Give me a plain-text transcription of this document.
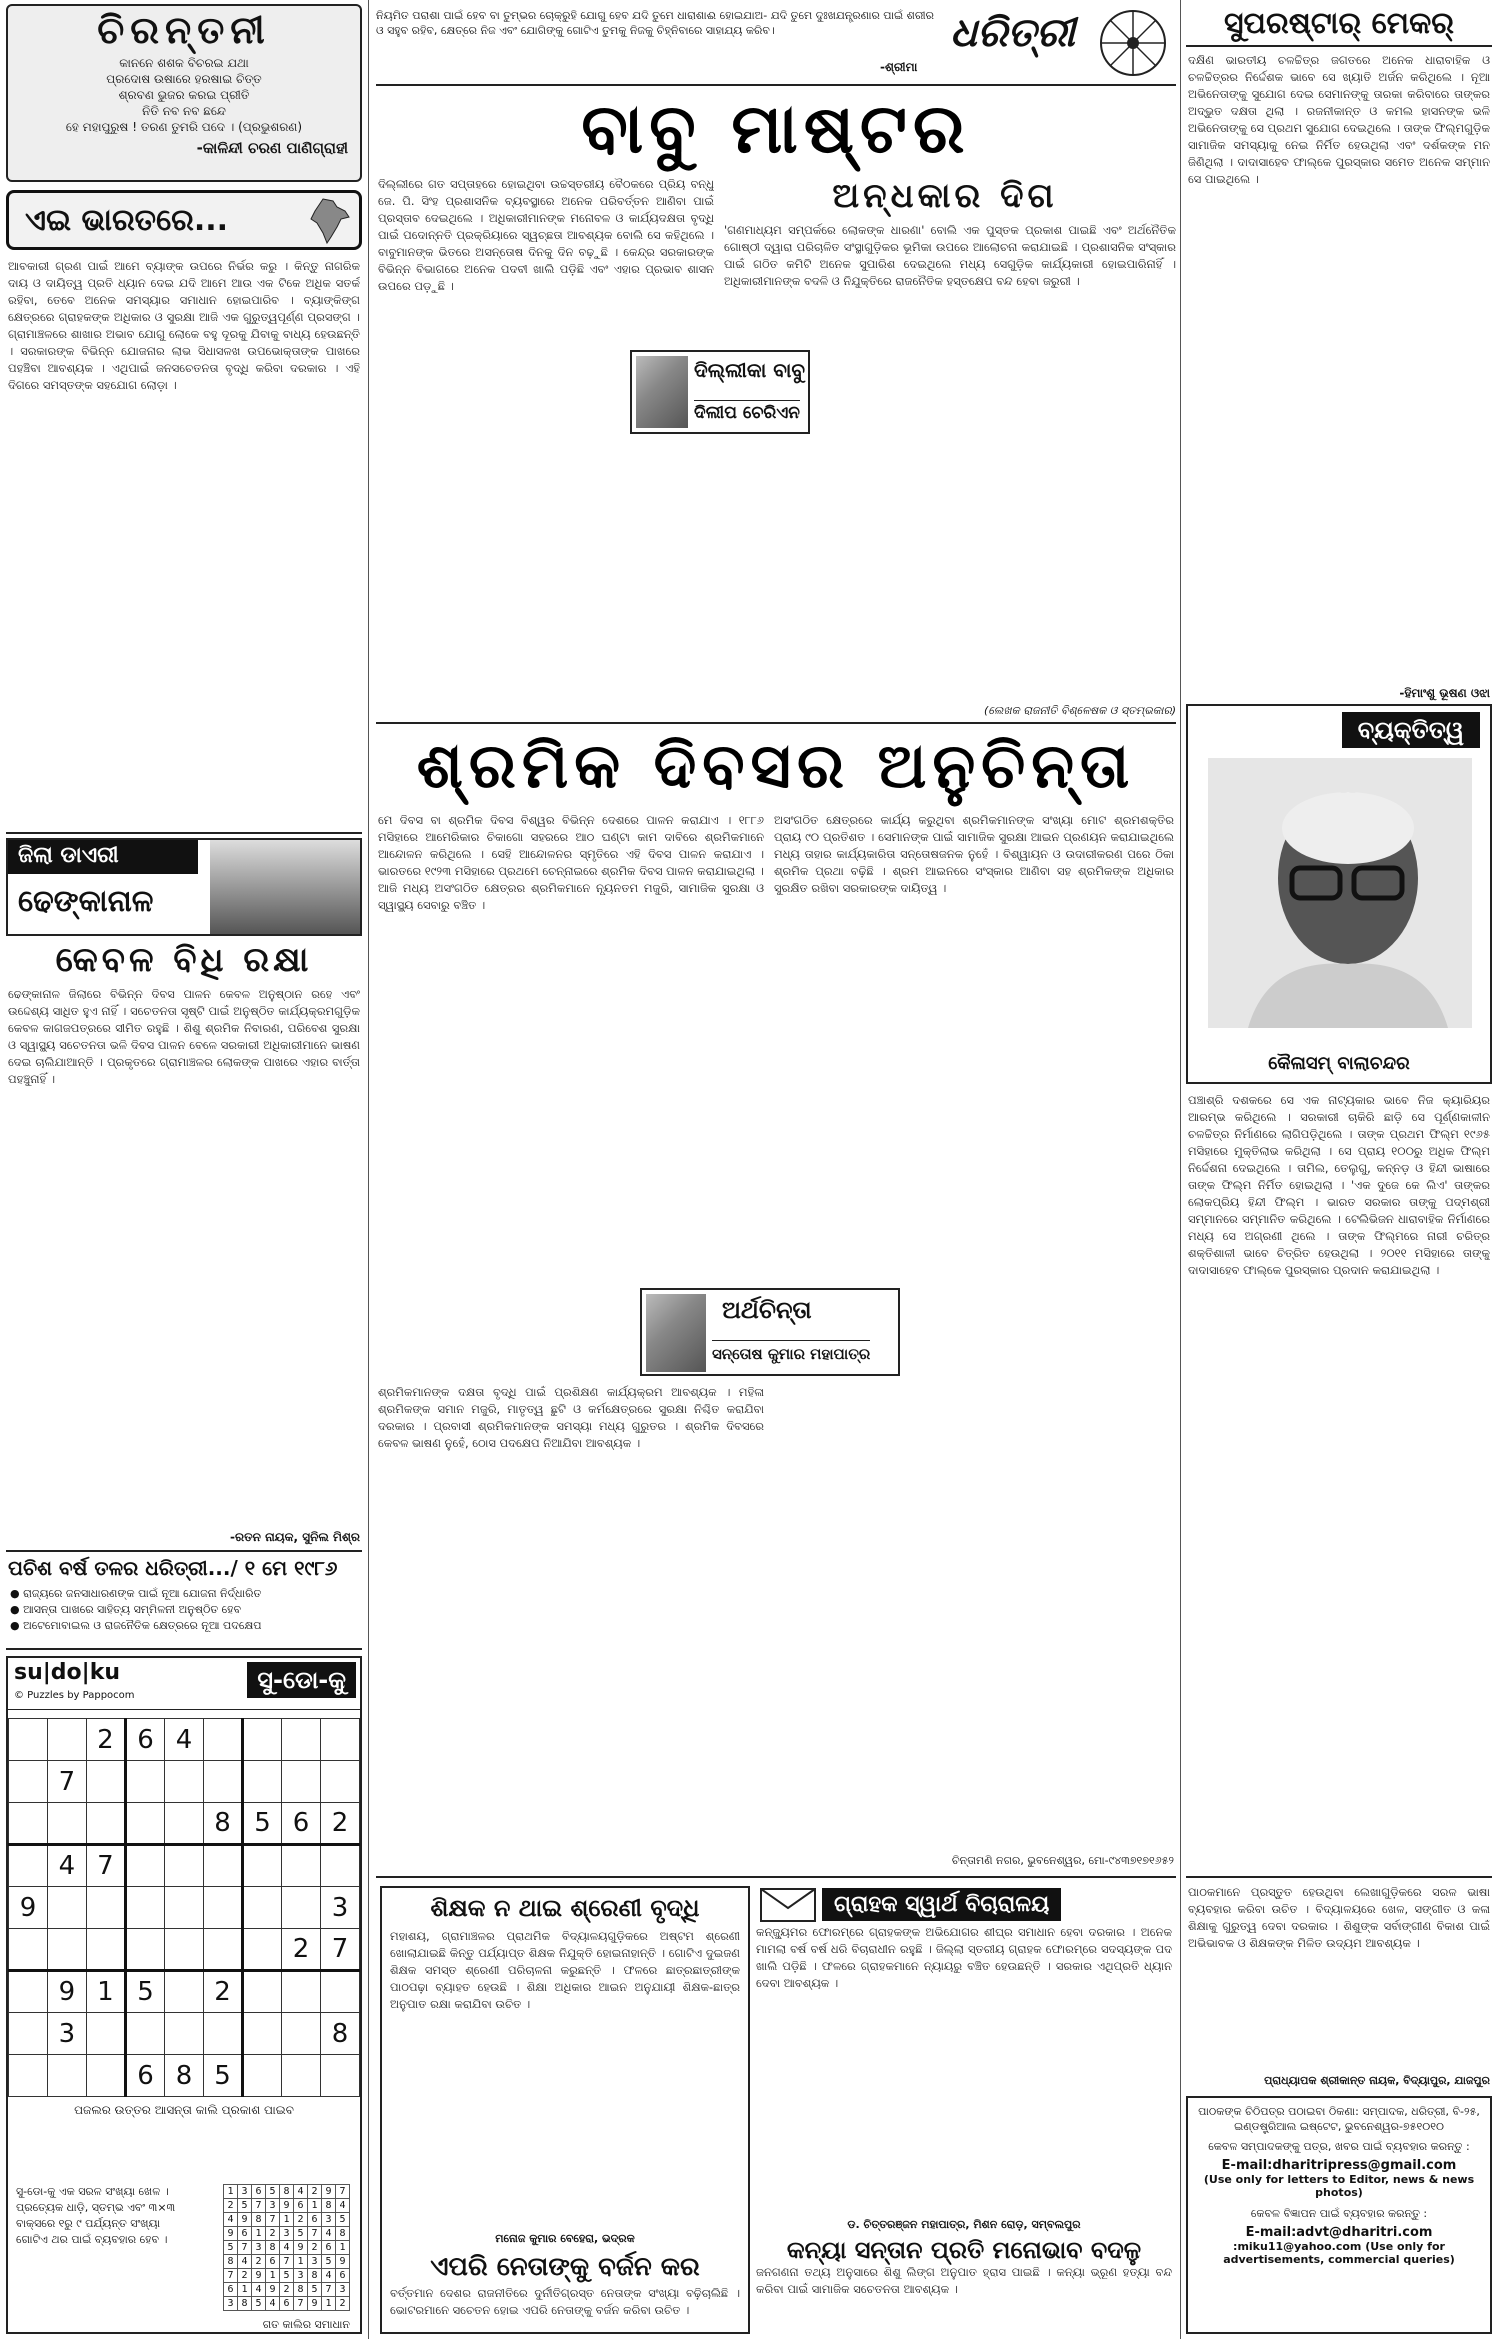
ଚିରନ୍ତନୀ
କାନନେ ଶଶକ ବିଚରଇ ଯଥା
ପ୍ରଦୋଷ ଉଷାରେ ହରଷାଇ ଚିତ୍ତ
ଶ୍ରବଣ ଭୁଜର କରଇ ପ୍ରୀତି
ନିତି ନବ ନବ ଛନ୍ଦେ
ହେ ମହାପୁରୁଷ ! ତରଣ ତୁମରି ପଦେ । (ପ୍ରଭୁଶରଣ)
-କାଳିନ୍ଦୀ ଚରଣ ପାଣିଗ୍ରାହୀ
ଏଇ ଭାରତରେ...
ଆବକାରୀ ଗ୍ରଣ ପାଇଁ ଆମେ ବ୍ୟାଙ୍କ ଉପରେ ନିର୍ଭର କରୁ । କିନ୍ତୁ ନାଗରିକ ଦାୟ ଓ ଦାୟିତ୍ୱ ପ୍ରତି ଧ୍ୟାନ ଦେଇ ଯଦି ଆମେ ଆଉ ଏକ ଟିକେ ଅଧିକ ସତର୍କ ରହିବା, ତେବେ ଅନେକ ସମସ୍ୟାର ସମାଧାନ ହୋଇପାରିବ । ବ୍ୟାଙ୍କିଙ୍ଗ କ୍ଷେତ୍ରରେ ଗ୍ରାହକଙ୍କ ଅଧିକାର ଓ ସୁରକ୍ଷା ଆଜି ଏକ ଗୁରୁତ୍ୱପୂର୍ଣ୍ଣ ପ୍ରସଙ୍ଗ । ଗ୍ରାମାଞ୍ଚଳରେ ଶାଖାର ଅଭାବ ଯୋଗୁ ଲୋକେ ବହୁ ଦୂରକୁ ଯିବାକୁ ବାଧ୍ୟ ହେଉଛନ୍ତି । ସରକାରଙ୍କ ବିଭିନ୍ନ ଯୋଜନାର ଲାଭ ସିଧାସଳଖ ଉପଭୋକ୍ତାଙ୍କ ପାଖରେ ପହଞ୍ଚିବା ଆବଶ୍ୟକ । ଏଥିପାଇଁ ଜନସଚେତନତା ବୃଦ୍ଧି କରିବା ଦରକାର । ଏହି ଦିଗରେ ସମସ୍ତଙ୍କ ସହଯୋଗ ଲୋଡ଼ା ।
ଜିଲା ଡାଏରୀ
ଢେଙ୍କାନାଳ
କେବଳ ବିଧି ରକ୍ଷା
ଢେଙ୍କାନାଳ ଜିଲାରେ ବିଭିନ୍ନ ଦିବସ ପାଳନ କେବଳ ଅନୁଷ୍ଠାନ ରହେ ଏବଂ ଉଦ୍ଦେଶ୍ୟ ସାଧିତ ହୁଏ ନାହିଁ । ସଚେତନତା ସୃଷ୍ଟି ପାଇଁ ଅନୁଷ୍ଠିତ କାର୍ଯ୍ୟକ୍ରମଗୁଡ଼ିକ କେବଳ କାଗଜପତ୍ରରେ ସୀମିତ ରହୁଛି । ଶିଶୁ ଶ୍ରମିକ ନିବାରଣ, ପରିବେଶ ସୁରକ୍ଷା ଓ ସ୍ୱାସ୍ଥ୍ୟ ସଚେତନତା ଭଳି ଦିବସ ପାଳନ ବେଳେ ସରକାରୀ ଅଧିକାରୀମାନେ ଭାଷଣ ଦେଇ ଚାଲିଯାଆନ୍ତି । ପ୍ରକୃତରେ ଗ୍ରାମାଞ୍ଚଳର ଲୋକଙ୍କ ପାଖରେ ଏହାର ବାର୍ତ୍ତା ପହଞ୍ଚୁନାହିଁ ।
-ରତନ ନାୟକ, ସୁନିଲ ମିଶ୍ର
ପଚିଶ ବର୍ଷ ତଳର ଧରିତ୍ରୀ.../ ୧ ମେ ୧୯୮୬
● ରାଜ୍ୟରେ ଜନସାଧାରଣଙ୍କ ପାଇଁ ନୂଆ ଯୋଜନା ନିର୍ଦ୍ଧାରିତ
● ଆସନ୍ତା ପାଖରେ ସାହିତ୍ୟ ସମ୍ମିଳନୀ ଅନୁଷ୍ଠିତ ହେବ
● ଅଟେମୋବାଇଲ ଓ ରାଜନୈତିକ କ୍ଷେତ୍ରରେ ନୂଆ ପଦକ୍ଷେପ
su|do|ku
© Puzzles by Pappocom
ସୁ-ଡୋ-କୁ
		2	6	4				
	7							
					8	5	6	2
	4	7						
9								3
							2	7
	9	1	5		2			
	3							8
			6	8	5			
ପଜଲର ଉତ୍ତର ଆସନ୍ତା କାଲି ପ୍ରକାଶ ପାଇବ
ସୁ-ଡୋ-କୁ ଏକ ସରଳ ସଂଖ୍ୟା ଖେଳ । ପ୍ରତ୍ୟେକ ଧାଡ଼ି, ସ୍ତମ୍ଭ ଏବଂ ୩×୩ ବାକ୍ସରେ ୧ରୁ ୯ ପର୍ଯ୍ୟନ୍ତ ସଂଖ୍ୟା ଗୋଟିଏ ଥର ପାଇଁ ବ୍ୟବହାର ହେବ ।
1	3	6	5	8	4	2	9	7
2	5	7	3	9	6	1	8	4
4	9	8	7	1	2	6	3	5
9	6	1	2	3	5	7	4	8
5	7	3	8	4	9	2	6	1
8	4	2	6	7	1	3	5	9
7	2	9	1	5	3	8	4	6
6	1	4	9	2	8	5	7	3
3	8	5	4	6	7	9	1	2
ଗତ କାଲିର ସମାଧାନ
ନିୟମିତ ପରାଶା ପାଇଁ ହେବ ବା ତୁମ୍ଭର ଚୋକ୍ରୁହି ଯୋଗୁ ହେବ ଯଦି ତୁମେ ଧାରାଶାଈ ହୋଇଯାଅ- ଯଦି ତୁମେ ଦୁଃଖଯନ୍ତ୍ରଣାର ପାଇଁ ଶରୀର ଓ ସହୁବ ରହିବ, କ୍ଷେତ୍ରେ ନିଜ ଏବଂ ଯୋଗିଙ୍କୁ ଗୋଟିଏ ତୁମକୁ ନିଜକୁ ଚିହ୍ନିବାରେ ସାହାଯ୍ୟ କରିବ।
-ଶ୍ରୀମା
ଧରିତ୍ରୀ
ବାବୁ ମାଷ୍ଟର
ଅନ୍ଧକାର ଦିଗ
ଦିଲ୍ଲୀରେ ଗତ ସପ୍ତାହରେ ହୋଇଥିବା ଉଚ୍ଚସ୍ତରୀୟ ବୈଠକରେ ପ୍ରିୟ ବନ୍ଧୁ ଜେ. ପି. ସିଂହ ପ୍ରଶାସନିକ ବ୍ୟବସ୍ଥାରେ ଅନେକ ପରିବର୍ତ୍ତନ ଆଣିବା ପାଇଁ ପ୍ରସ୍ତାବ ଦେଇଥିଲେ । ଅଧିକାରୀମାନଙ୍କ ମନୋବଳ ଓ କାର୍ଯ୍ୟଦକ୍ଷତା ବୃଦ୍ଧି ପାଇଁ ପଦୋନ୍ନତି ପ୍ରକ୍ରିୟାରେ ସ୍ୱଚ୍ଛତା ଆବଶ୍ୟକ ବୋଲି ସେ କହିଥିଲେ । ବାବୁମାନଙ୍କ ଭିତରେ ଅସନ୍ତୋଷ ଦିନକୁ ଦିନ ବଢ଼ୁଛି । କେନ୍ଦ୍ର ସରକାରଙ୍କ ବିଭିନ୍ନ ବିଭାଗରେ ଅନେକ ପଦବୀ ଖାଲି ପଡ଼ିଛି ଏବଂ ଏହାର ପ୍ରଭାବ ଶାସନ ଉପରେ ପଡ଼ୁଛି ।
ଦିଲ୍ଲୀକା ବାବୁ
ଦିଲୀପ ଚେରିଏନ
'ଗଣମାଧ୍ୟମ ସମ୍ପର୍କରେ ଲୋକଙ୍କ ଧାରଣା' ବୋଲି ଏକ ପୁସ୍ତକ ପ୍ରକାଶ ପାଇଛି ଏବଂ ଅର୍ଥନୈତିକ ଗୋଷ୍ଠୀ ଦ୍ୱାରା ପରିଚାଳିତ ସଂସ୍ଥାଗୁଡ଼ିକର ଭୂମିକା ଉପରେ ଆଲୋଚନା କରାଯାଇଛି । ପ୍ରଶାସନିକ ସଂସ୍କାର ପାଇଁ ଗଠିତ କମିଟି ଅନେକ ସୁପାରିଶ ଦେଇଥିଲେ ମଧ୍ୟ ସେଗୁଡ଼ିକ କାର୍ଯ୍ୟକାରୀ ହୋଇପାରିନାହିଁ । ଅଧିକାରୀମାନଙ୍କ ବଦଳି ଓ ନିଯୁକ୍ତିରେ ରାଜନୈତିକ ହସ୍ତକ୍ଷେପ ବନ୍ଦ ହେବା ଜରୁରୀ ।
(ଲେଖକ ରାଜନୀତି ବିଶ୍ଳେଷକ ଓ ସ୍ତମ୍ଭକାର)
ଶ୍ରମିକ ଦିବସର ଅନୁଚିନ୍ତା
ମେ ଦିବସ ବା ଶ୍ରମିକ ଦିବସ ବିଶ୍ୱର ବିଭିନ୍ନ ଦେଶରେ ପାଳନ କରାଯାଏ । ୧୮୮୬ ମସିହାରେ ଆମେରିକାର ଚିକାଗୋ ସହରରେ ଆଠ ଘଣ୍ଟା କାମ ଦାବିରେ ଶ୍ରମିକମାନେ ଆନ୍ଦୋଳନ କରିଥିଲେ । ସେହି ଆନ୍ଦୋଳନର ସ୍ମୃତିରେ ଏହି ଦିବସ ପାଳନ କରାଯାଏ । ଭାରତରେ ୧୯୨୩ ମସିହାରେ ପ୍ରଥମେ ଚେନ୍ନାଇରେ ଶ୍ରମିକ ଦିବସ ପାଳନ କରାଯାଇଥିଲା । ଆଜି ମଧ୍ୟ ଅସଂଗଠିତ କ୍ଷେତ୍ରର ଶ୍ରମିକମାନେ ନ୍ୟୂନତମ ମଜୁରି, ସାମାଜିକ ସୁରକ୍ଷା ଓ ସ୍ୱାସ୍ଥ୍ୟ ସେବାରୁ ବଞ୍ଚିତ ।
ଅର୍ଥଚିନ୍ତା
ସନ୍ତୋଷ କୁମାର ମହାପାତ୍ର
ଶ୍ରମିକମାନଙ୍କ ଦକ୍ଷତା ବୃଦ୍ଧି ପାଇଁ ପ୍ରଶିକ୍ଷଣ କାର୍ଯ୍ୟକ୍ରମ ଆବଶ୍ୟକ । ମହିଳା ଶ୍ରମିକଙ୍କ ସମାନ ମଜୁରି, ମାତୃତ୍ୱ ଛୁଟି ଓ କର୍ମକ୍ଷେତ୍ରରେ ସୁରକ୍ଷା ନିଶ୍ଚିତ କରାଯିବା ଦରକାର । ପ୍ରବାସୀ ଶ୍ରମିକମାନଙ୍କ ସମସ୍ୟା ମଧ୍ୟ ଗୁରୁତର । ଶ୍ରମିକ ଦିବସରେ କେବଳ ଭାଷଣ ନୁହେଁ, ଠୋସ ପଦକ୍ଷେପ ନିଆଯିବା ଆବଶ୍ୟକ ।
ଅସଂଗଠିତ କ୍ଷେତ୍ରରେ କାର୍ଯ୍ୟ କରୁଥିବା ଶ୍ରମିକମାନଙ୍କ ସଂଖ୍ୟା ମୋଟ ଶ୍ରମଶକ୍ତିର ପ୍ରାୟ ୯୦ ପ୍ରତିଶତ । ସେମାନଙ୍କ ପାଇଁ ସାମାଜିକ ସୁରକ୍ଷା ଆଇନ ପ୍ରଣୟନ କରାଯାଇଥିଲେ ମଧ୍ୟ ତାହାର କାର୍ଯ୍ୟକାରିତା ସନ୍ତୋଷଜନକ ନୁହେଁ । ବିଶ୍ୱାୟନ ଓ ଉଦାରୀକରଣ ପରେ ଠିକା ଶ୍ରମିକ ପ୍ରଥା ବଢ଼ିଛି । ଶ୍ରମ ଆଇନରେ ସଂସ୍କାର ଆଣିବା ସହ ଶ୍ରମିକଙ୍କ ଅଧିକାର ସୁରକ୍ଷିତ ରଖିବା ସରକାରଙ୍କ ଦାୟିତ୍ୱ ।
ଚିନ୍ତାମଣି ନଗର, ଭୁବନେଶ୍ୱର, ମୋ-୯୪୩୭୧୭୧୬୫୨
ଶିକ୍ଷକ ନ ଥାଇ ଶ୍ରେଣୀ ବୃଦ୍ଧି
ମହାଶୟ, ଗ୍ରାମାଞ୍ଚଳର ପ୍ରାଥମିକ ବିଦ୍ୟାଳୟଗୁଡ଼ିକରେ ଅଷ୍ଟମ ଶ୍ରେଣୀ ଖୋଲାଯାଇଛି କିନ୍ତୁ ପର୍ଯ୍ୟାପ୍ତ ଶିକ୍ଷକ ନିଯୁକ୍ତି ହୋଇନାହାନ୍ତି । ଗୋଟିଏ ଦୁଇଜଣ ଶିକ୍ଷକ ସମସ୍ତ ଶ୍ରେଣୀ ପରିଚାଳନା କରୁଛନ୍ତି । ଫଳରେ ଛାତ୍ରଛାତ୍ରୀଙ୍କ ପାଠପଢ଼ା ବ୍ୟାହତ ହେଉଛି । ଶିକ୍ଷା ଅଧିକାର ଆଇନ ଅନୁଯାୟୀ ଶିକ୍ଷକ-ଛାତ୍ର ଅନୁପାତ ରକ୍ଷା କରାଯିବା ଉଚିତ ।
ମନୋଜ କୁମାର ବେହେରା, ଭଦ୍ରକ
ଏପରି ନେତାଙ୍କୁ ବର୍ଜନ କର
ବର୍ତ୍ତମାନ ଦେଶର ରାଜନୀତିରେ ଦୁର୍ନୀତିଗ୍ରସ୍ତ ନେତାଙ୍କ ସଂଖ୍ୟା ବଢ଼ିଚାଲିଛି । ଭୋଟରମାନେ ସଚେତନ ହୋଇ ଏପରି ନେତାଙ୍କୁ ବର୍ଜନ କରିବା ଉଚିତ ।
ଗ୍ରାହକ ସ୍ୱାର୍ଥ ବିଚାରାଳୟ
କନ୍ଜ୍ୟୁମର ଫୋରମ୍‌ରେ ଗ୍ରାହକଙ୍କ ଅଭିଯୋଗର ଶୀଘ୍ର ସମାଧାନ ହେବା ଦରକାର । ଅନେକ ମାମଲା ବର୍ଷ ବର୍ଷ ଧରି ବିଚାରାଧୀନ ରହୁଛି । ଜିଲ୍ଲା ସ୍ତରୀୟ ଗ୍ରାହକ ଫୋରମ୍‌ରେ ସଦସ୍ୟଙ୍କ ପଦ ଖାଲି ପଡ଼ିଛି । ଫଳରେ ଗ୍ରାହକମାନେ ନ୍ୟାୟରୁ ବଞ୍ଚିତ ହେଉଛନ୍ତି । ସରକାର ଏଥିପ୍ରତି ଧ୍ୟାନ ଦେବା ଆବଶ୍ୟକ ।
ଡ. ଚିତ୍ତରଞ୍ଜନ ମହାପାତ୍ର, ମିଶନ ରୋଡ଼, ସମ୍ବଲପୁର
କନ୍ୟା ସନ୍ତାନ ପ୍ରତି ମନୋଭାବ ବଦଳୁ
ଜନଗଣନା ତଥ୍ୟ ଅନୁସାରେ ଶିଶୁ ଲିଙ୍ଗ ଅନୁପାତ ହ୍ରାସ ପାଇଛି । କନ୍ୟା ଭ୍ରୂଣ ହତ୍ୟା ବନ୍ଦ କରିବା ପାଇଁ ସାମାଜିକ ସଚେତନତା ଆବଶ୍ୟକ ।
ସୁପରଷ୍ଟାର୍ ମେକର୍
ଦକ୍ଷିଣ ଭାରତୀୟ ଚଳଚ୍ଚିତ୍ର ଜଗତରେ ଅନେକ ଧାରାବାହିକ ଓ ଚଳଚ୍ଚିତ୍ରର ନିର୍ଦ୍ଦେଶକ ଭାବେ ସେ ଖ୍ୟାତି ଅର୍ଜନ କରିଥିଲେ । ନୂଆ ଅଭିନେତାଙ୍କୁ ସୁଯୋଗ ଦେଇ ସେମାନଙ୍କୁ ତାରକା କରିବାରେ ତାଙ୍କର ଅଦ୍ଭୁତ ଦକ୍ଷତା ଥିଲା । ରଜନୀକାନ୍ତ ଓ କମଲ ହାସନଙ୍କ ଭଳି ଅଭିନେତାଙ୍କୁ ସେ ପ୍ରଥମ ସୁଯୋଗ ଦେଇଥିଲେ । ତାଙ୍କ ଫିଲ୍ମଗୁଡ଼ିକ ସାମାଜିକ ସମସ୍ୟାକୁ ନେଇ ନିର୍ମିତ ହେଉଥିଲା ଏବଂ ଦର୍ଶକଙ୍କ ମନ ଜିଣିଥିଲା । ଦାଦାସାହେବ ଫାଲ୍କେ ପୁରସ୍କାର ସମେତ ଅନେକ ସମ୍ମାନ ସେ ପାଇଥିଲେ ।
-ହିମାଂଶୁ ଭୂଷଣ ଓଝା
ବ୍ୟକ୍ତିତ୍ୱ
କୈଳାସମ୍ ବାଲାଚନ୍ଦର
ପଞ୍ଚାଶ୍ରି ଦଶକରେ ସେ ଏକ ନାଟ୍ୟକାର ଭାବେ ନିଜ କ୍ୟାରିୟର ଆରମ୍ଭ କରିଥିଲେ । ସରକାରୀ ଚାକିରି ଛାଡ଼ି ସେ ପୂର୍ଣ୍ଣକାଳୀନ ଚଳଚ୍ଚିତ୍ର ନିର୍ମାଣରେ ଲାଗିପଡ଼ିଥିଲେ । ତାଙ୍କ ପ୍ରଥମ ଫିଲ୍ମ ୧୯୬୫ ମସିହାରେ ମୁକ୍ତିଲାଭ କରିଥିଲା । ସେ ପ୍ରାୟ ୧୦୦ରୁ ଅଧିକ ଫିଲ୍ମ ନିର୍ଦ୍ଦେଶନା ଦେଇଥିଲେ । ତାମିଲ, ତେଲୁଗୁ, କନ୍ନଡ଼ ଓ ହିନ୍ଦୀ ଭାଷାରେ ତାଙ୍କ ଫିଲ୍ମ ନିର୍ମିତ ହୋଇଥିଲା । 'ଏକ ଦୁଜେ କେ ଲିଏ' ତାଙ୍କର ଲୋକପ୍ରିୟ ହିନ୍ଦୀ ଫିଲ୍ମ । ଭାରତ ସରକାର ତାଙ୍କୁ ପଦ୍ମଶ୍ରୀ ସମ୍ମାନରେ ସମ୍ମାନିତ କରିଥିଲେ । ଟେଲିଭିଜନ ଧାରାବାହିକ ନିର୍ମାଣରେ ମଧ୍ୟ ସେ ଅଗ୍ରଣୀ ଥିଲେ । ତାଙ୍କ ଫିଲ୍ମରେ ନାରୀ ଚରିତ୍ର ଶକ୍ତିଶାଳୀ ଭାବେ ଚିତ୍ରିତ ହେଉଥିଲା । ୨୦୧୧ ମସିହାରେ ତାଙ୍କୁ ଦାଦାସାହେବ ଫାଲ୍କେ ପୁରସ୍କାର ପ୍ରଦାନ କରାଯାଇଥିଲା ।
ପାଠକମାନେ ପ୍ରସ୍ତୁତ ହେଉଥିବା ଲେଖାଗୁଡ଼ିକରେ ସରଳ ଭାଷା ବ୍ୟବହାର କରିବା ଉଚିତ । ବିଦ୍ୟାଳୟରେ ଖେଳ, ସଙ୍ଗୀତ ଓ କଳା ଶିକ୍ଷାକୁ ଗୁରୁତ୍ୱ ଦେବା ଦରକାର । ଶିଶୁଙ୍କ ସର୍ବାଙ୍ଗୀଣ ବିକାଶ ପାଇଁ ଅଭିଭାବକ ଓ ଶିକ୍ଷକଙ୍କ ମିଳିତ ଉଦ୍ୟମ ଆବଶ୍ୟକ ।
ପ୍ରାଧ୍ୟାପକ ଶ୍ରୀକାନ୍ତ ନାୟକ, ବିଦ୍ୟାପୁର, ଯାଜପୁର
ପାଠକଙ୍କ ଚିଠିପତ୍ର ପଠାଇବା ଠିକଣା: ସମ୍ପାଦକ, ଧରିତ୍ରୀ, ବି-୨୫, ଇଣ୍ଡଷ୍ଟ୍ରିଆଲ ଇଷ୍ଟେଟ, ଭୁବନେଶ୍ୱର-୭୫୧୦୧୦
କେବଳ ସମ୍ପାଦକଙ୍କୁ ପତ୍ର, ଖବର ପାଇଁ ବ୍ୟବହାର କରନ୍ତୁ :
E-mail:dharitripress@gmail.com
(Use only for letters to Editor, news & news photos)
କେବଳ ବିଜ୍ଞାପନ ପାଇଁ ବ୍ୟବହାର କରନ୍ତୁ :
E-mail:advt@dharitri.com
:miku11@yahoo.com (Use only for
advertisements, commercial queries)
